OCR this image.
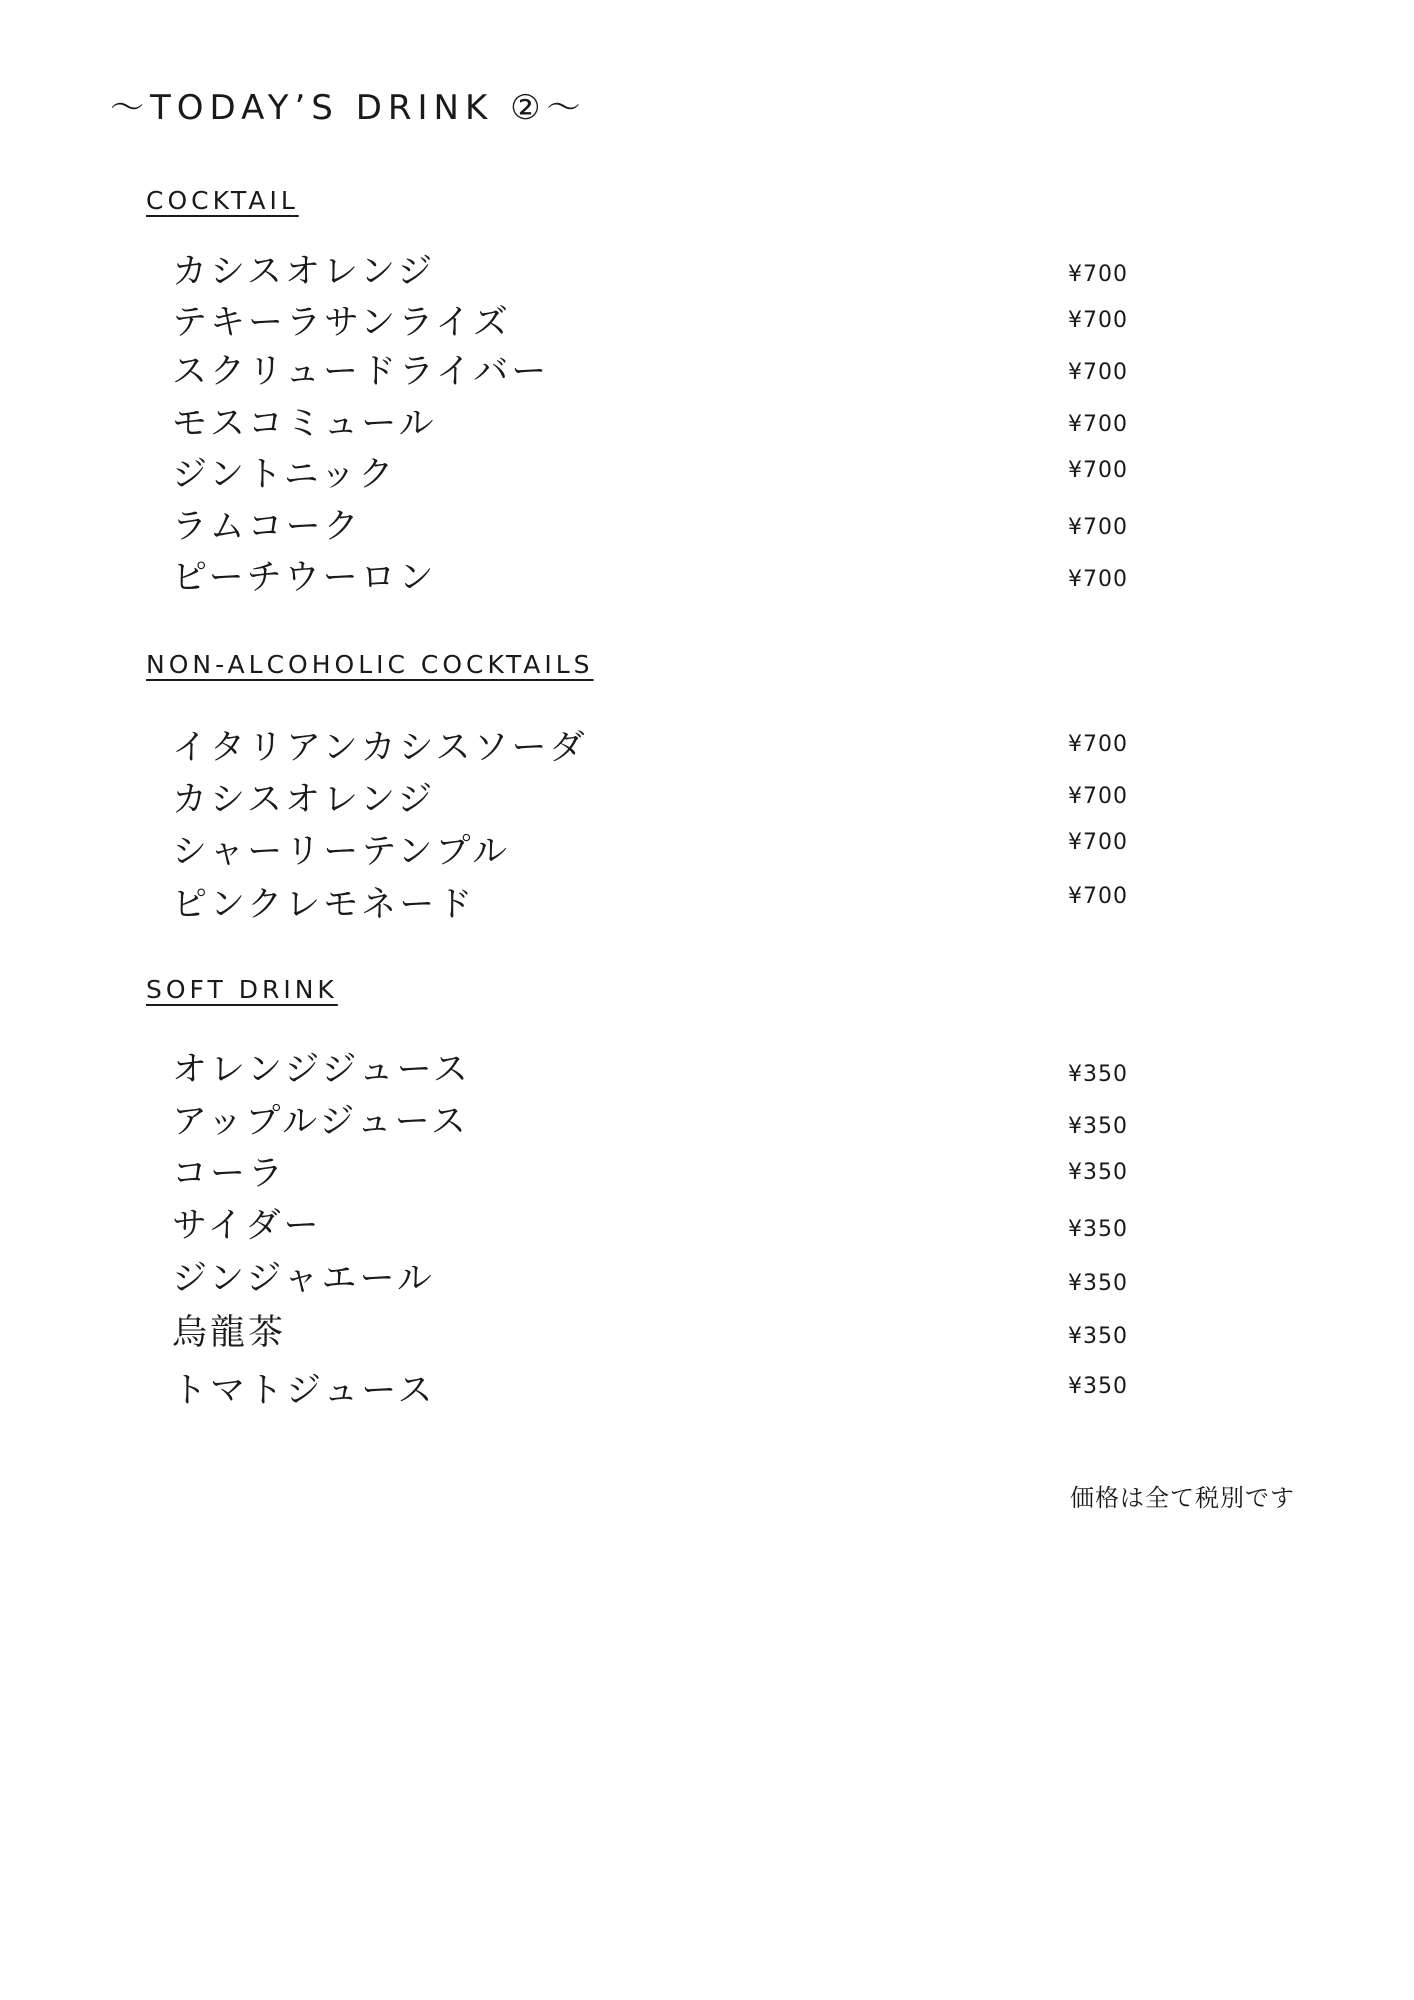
〜TODAY’S DRINK ②〜
COCKTAIL
カシスオレンジ	¥700
テキーラサンライズ	¥700
スクリュードライバー	¥700
モスコミュール	¥700
ジントニック	¥700
ラムコーク	¥700
ピーチウーロン	¥700
NON-ALCOHOLIC COCKTAILS
イタリアンカシスソーダ	¥700
カシスオレンジ	¥700
シャーリーテンプル	¥700
ピンクレモネード	¥700
SOFT DRINK
オレンジジュース	¥350
アップルジュース	¥350
コーラ	¥350
サイダー	¥350
ジンジャエール	¥350
烏龍茶	¥350
トマトジュース	¥350
価格は全て税別です
